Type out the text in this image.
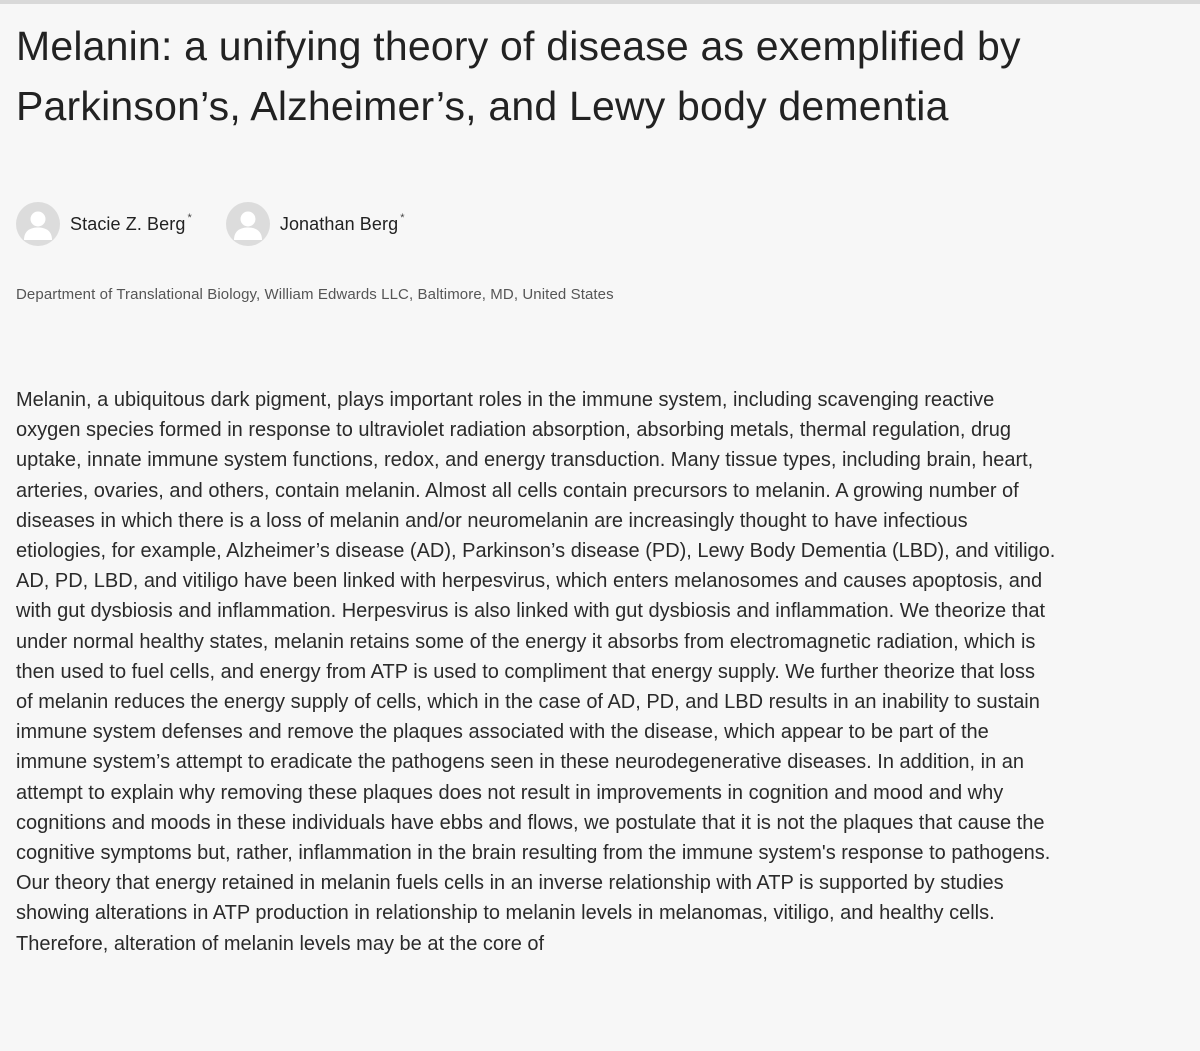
Melanin: a unifying theory of disease as exemplified by Parkinson’s, Alzheimer’s, and Lewy body dementia
Stacie Z. Berg *	Jonathan Berg *
Department of Translational Biology, William Edwards LLC, Baltimore, MD, United States

Melanin, a ubiquitous dark pigment, plays important roles in the immune system, including scavenging reactive oxygen species formed in response to ultraviolet radiation absorption, absorbing metals, thermal regulation, drug uptake, innate immune system functions, redox, and energy transduction. Many tissue types, including brain, heart, arteries, ovaries, and others, contain melanin. Almost all cells contain precursors to melanin. A growing number of diseases in which there is a loss of melanin and/or neuromelanin are increasingly thought to have infectious etiologies, for example, Alzheimer’s disease (AD), Parkinson’s disease (PD), Lewy Body Dementia (LBD), and vitiligo. AD, PD, LBD, and vitiligo have been linked with herpesvirus, which enters melanosomes and causes apoptosis, and with gut dysbiosis and inflammation. Herpesvirus is also linked with gut dysbiosis and inflammation. We theorize that under normal healthy states, melanin retains some of the energy it absorbs from electromagnetic radiation, which is then used to fuel cells, and energy from ATP is used to compliment that energy supply. We further theorize that loss of melanin reduces the energy supply of cells, which in the case of AD, PD, and LBD results in an inability to sustain immune system defenses and remove the plaques associated with the disease, which appear to be part of the immune system’s attempt to eradicate the pathogens seen in these neurodegenerative diseases. In addition, in an attempt to explain why removing these plaques does not result in improvements in cognition and mood and why cognitions and moods in these individuals have ebbs and flows, we postulate that it is not the plaques that cause the cognitive symptoms but, rather, inflammation in the brain resulting from the immune system's response to pathogens. Our theory that energy retained in melanin fuels cells in an inverse relationship with ATP is supported by studies showing alterations in ATP production in relationship to melanin levels in melanomas, vitiligo, and healthy cells. Therefore, alteration of melanin levels may be at the core of
